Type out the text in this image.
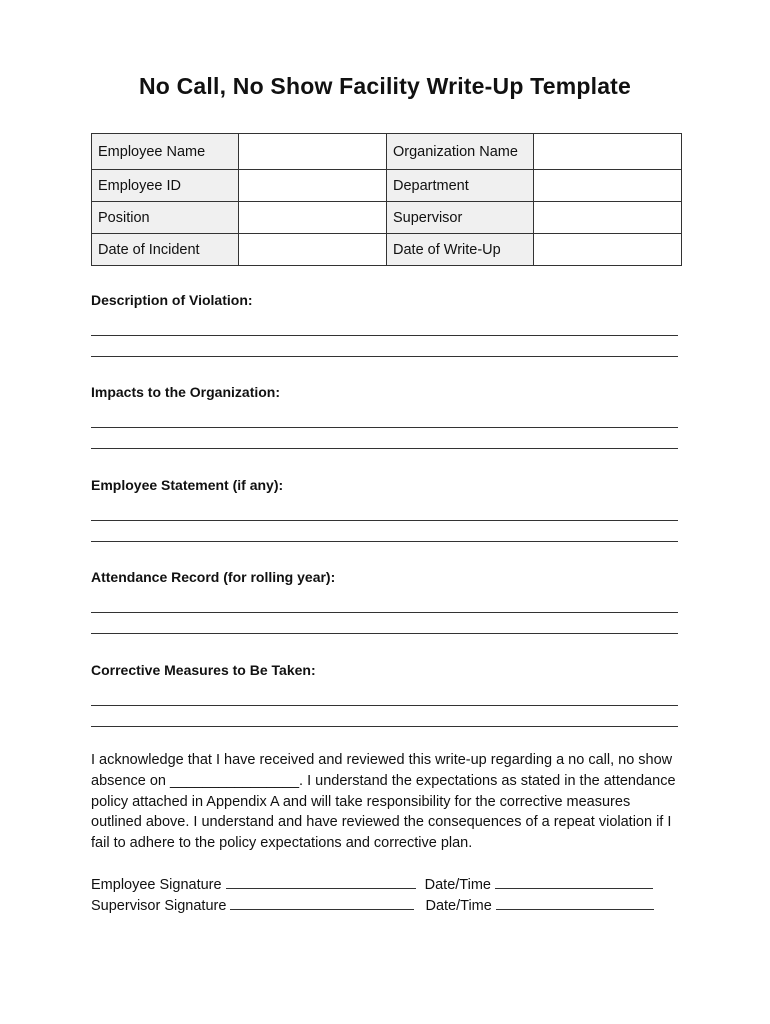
No Call, No Show Facility Write-Up Template
Employee Name		Organization Name	
Employee ID		Department	
Position		Supervisor	
Date of Incident		Date of Write-Up	
Description of Violation:
Impacts to the Organization:
Employee Statement (if any):
Attendance Record (for rolling year):
Corrective Measures to Be Taken:
I acknowledge that I have received and reviewed this write-up regarding a no call, no show absence on ________________. I understand the expectations as stated in the attendance policy attached in Appendix A and will take responsibility for the corrective measures outlined above. I understand and have reviewed the consequences of a repeat violation if I fail to adhere to the policy expectations and corrective plan.
Employee Signature	Date/Time
Supervisor Signature	Date/Time
